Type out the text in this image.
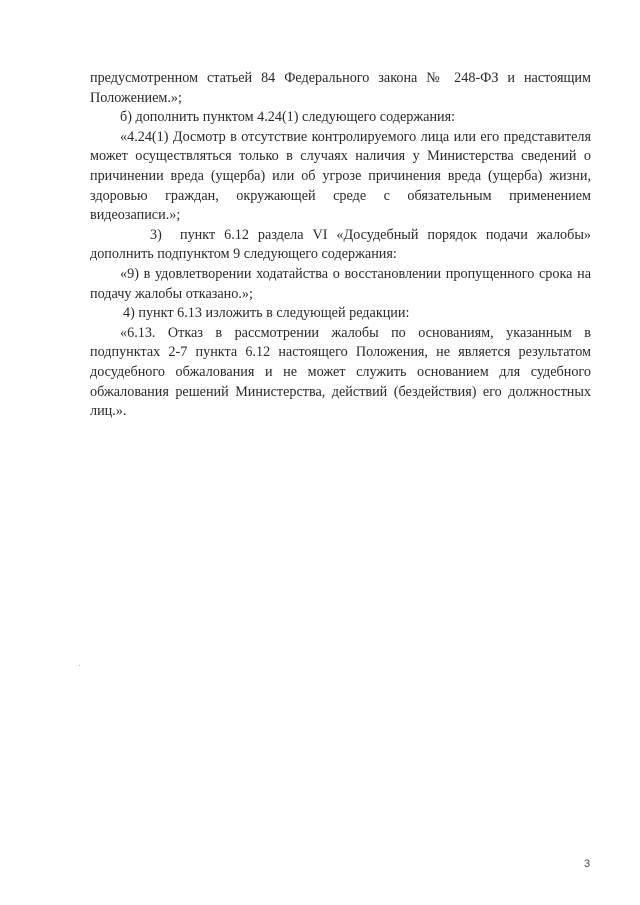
предусмотренном статьей 84 Федерального закона № 248-ФЗ и настоящим Положением.»;

б) дополнить пунктом 4.24(1) следующего содержания:

«4.24(1) Досмотр в отсутствие контролируемого лица или его представителя может осуществляться только в случаях наличия у Министерства сведений о причинении вреда (ущерба) или об угрозе причинения вреда (ущерба) жизни, здоровью граждан, окружающей среде с обязательным применением видеозаписи.»;

3) пункт 6.12 раздела VI «Досудебный порядок подачи жалобы» дополнить подпунктом 9 следующего содержания:

«9) в удовлетворении ходатайства о восстановлении пропущенного срока на подачу жалобы отказано.»;

4) пункт 6.13 изложить в следующей редакции:

«6.13. Отказ в рассмотрении жалобы по основаниям, указанным в подпунктах 2-7 пункта 6.12 настоящего Положения, не является результатом досудебного обжалования и не может служить основанием для судебного обжалования решений Министерства, действий (бездействия) его должностных лиц.».

3
